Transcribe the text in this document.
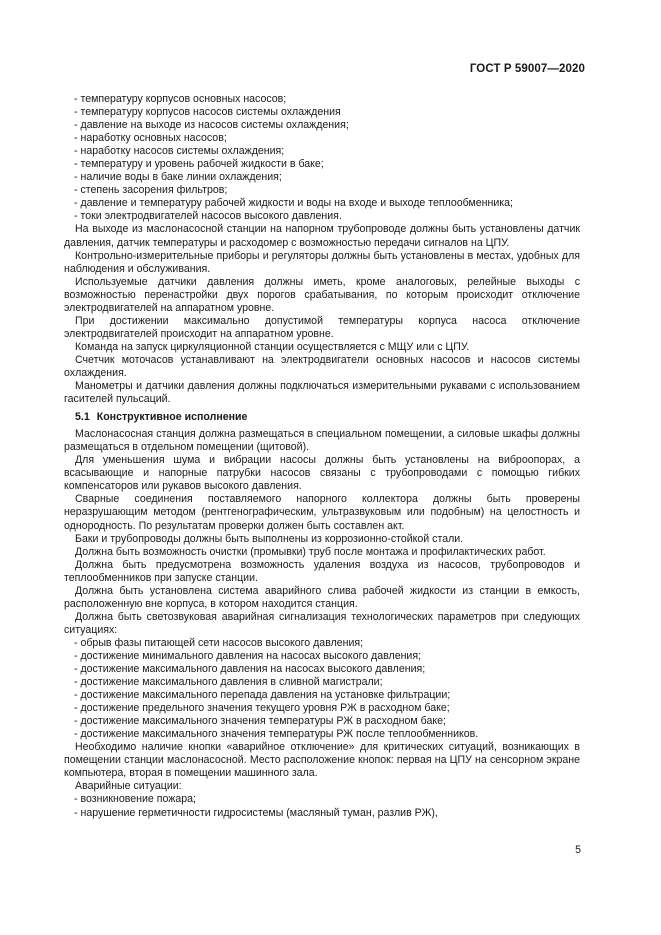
ГОСТ Р 59007—2020

- температуру корпусов основных насосов;

- температуру корпусов насосов системы охлаждения

- давление на выходе из насосов системы охлаждения;

- наработку основных насосов;

- наработку насосов системы охлаждения;

- температуру и уровень рабочей жидкости в баке;

- наличие воды в баке линии охлаждения;

- степень засорения фильтров;

- давление и температуру рабочей жидкости и воды на входе и выходе теплообменника;

- токи электродвигателей насосов высокого давления.

На выходе из маслонасосной станции на напорном трубопроводе должны быть установлены датчик давления, датчик температуры и расходомер с возможностью передачи сигналов на ЦПУ.

Контрольно-измерительные приборы и регуляторы должны быть установлены в местах, удобных для наблюдения и обслуживания.

Используемые датчики давления должны иметь, кроме аналоговых, релейные выходы с возможностью перенастройки двух порогов срабатывания, по которым происходит отключение электродвигателей на аппаратном уровне.

При достижении максимально допустимой температуры корпуса насоса отключение электродвигателей происходит на аппаратном уровне.

Команда на запуск циркуляционной станции осуществляется с МЩУ или с ЦПУ.

Счетчик моточасов устанавливают на электродвигатели основных насосов и насосов системы охлаждения.

Манометры и датчики давления должны подключаться измерительными рукавами с использованием гасителей пульсаций.

5.1 Конструктивное исполнение

Маслонасосная станция должна размещаться в специальном помещении, а силовые шкафы должны размещаться в отдельном помещении (щитовой).

Для уменьшения шума и вибрации насосы должны быть установлены на виброопорах, а всасывающие и напорные патрубки насосов связаны с трубопроводами с помощью гибких компенсаторов или рукавов высокого давления.

Сварные соединения поставляемого напорного коллектора должны быть проверены неразрушающим методом (рентгенографическим, ультразвуковым или подобным) на целостность и однородность. По результатам проверки должен быть составлен акт.

Баки и трубопроводы должны быть выполнены из коррозионно-стойкой стали.

Должна быть возможность очистки (промывки) труб после монтажа и профилактических работ.

Должна быть предусмотрена возможность удаления воздуха из насосов, трубопроводов и теплообменников при запуске станции.

Должна быть установлена система аварийного слива рабочей жидкости из станции в емкость, расположенную вне корпуса, в котором находится станция.

Должна быть светозвуковая аварийная сигнализация технологических параметров при следующих ситуациях:

- обрыв фазы питающей сети насосов высокого давления;

- достижение минимального давления на насосах высокого давления;

- достижение максимального давления на насосах высокого давления;

- достижение максимального давления в сливной магистрали;

- достижение максимального перепада давления на установке фильтрации;

- достижение предельного значения текущего уровня РЖ в расходном баке;

- достижение максимального значения температуры РЖ в расходном баке;

- достижение максимального значения температуры РЖ после теплообменников.

Необходимо наличие кнопки «аварийное отключение» для критических ситуаций, возникающих в помещении станции маслонасосной. Место расположение кнопок: первая на ЦПУ на сенсорном экране компьютера, вторая в помещении машинного зала.

Аварийные ситуации:

- возникновение пожара;

- нарушение герметичности гидросистемы (масляный туман, разлив РЖ),

5
